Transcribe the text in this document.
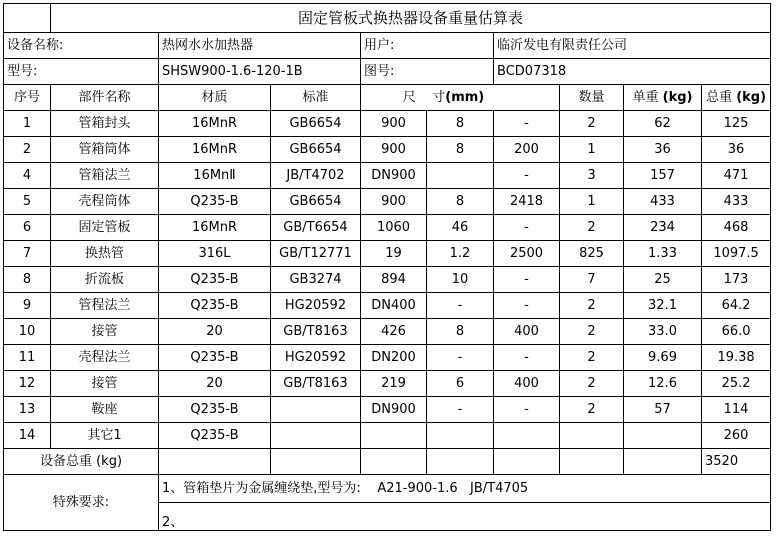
	固定管板式换热器设备重量估算表								
设备名称:		热网水水加热器		用户:		临沂发电有限责任公司			
型号:		SHSW900-1.6-120-1B		图号:		BCD07318			
序号	部件名称	材质	标准	尺 寸(mm)			数量	单重 (kg)	总重 (kg)
1	管箱封头	16MnR	GB6654	900	8	-	2	62	125
2	管箱筒体	16MnR	GB6654	900	8	200	1	36	36
4	管箱法兰	16MnⅡ	JB/T4702	DN900		-	3	157	471
5	壳程筒体	Q235-B	GB6654	900	8	2418	1	433	433
6	固定管板	16MnR	GB/T6654	1060	46	-	2	234	468
7	换热管	316L	GB/T12771	19	1.2	2500	825	1.33	1097.5
8	折流板	Q235-B	GB3274	894	10	-	7	25	173
9	管程法兰	Q235-B	HG20592	DN400	-	-	2	32.1	64.2
10	接管	20	GB/T8163	426	8	400	2	33.0	66.0
11	壳程法兰	Q235-B	HG20592	DN200	-	-	2	9.69	19.38
12	接管	20	GB/T8163	219	6	400	2	12.6	25.2
13	鞍座	Q235-B		DN900	-	-	2	57	114
14	其它1	Q235-B							260
设备总重 (kg)									3520
特殊要求:		1、管箱垫片为金属缠绕垫,型号为: A21-900-1.6 JB/T4705							
		2、							
